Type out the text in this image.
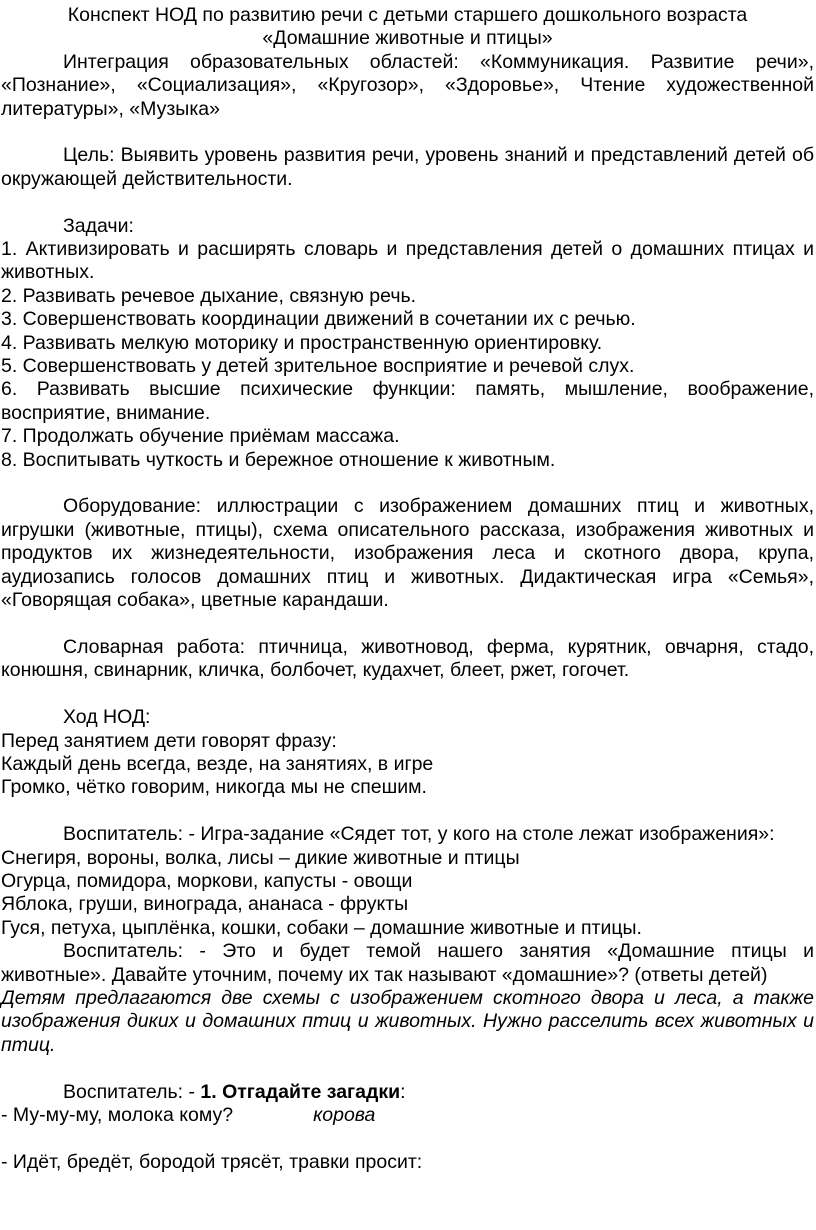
Конспект НОД по развитию речи с детьми старшего дошкольного возраста

«Домашние животные и птицы»

Интеграция образовательных областей: «Коммуникация. Развитие речи», «Познание», «Социализация», «Кругозор», «Здоровье», Чтение художественной литературы», «Музыка»

Цель: Выявить уровень развития речи, уровень знаний и представлений детей об окружающей действительности.

Задачи:

1. Активизировать и расширять словарь и представления детей о домашних птицах и животных.

2. Развивать речевое дыхание, связную речь.

3. Совершенствовать координации движений в сочетании их с речью.

4. Развивать мелкую моторику и пространственную ориентировку.

5. Совершенствовать у детей зрительное восприятие и речевой слух.

6. Развивать высшие психические функции: память, мышление, воображение, восприятие, внимание.

7. Продолжать обучение приёмам массажа.

8. Воспитывать чуткость и бережное отношение к животным.

Оборудование: иллюстрации с изображением домашних птиц и животных, игрушки (животные, птицы), схема описательного рассказа, изображения животных и продуктов их жизнедеятельности, изображения леса и скотного двора, крупа, аудиозапись голосов домашних птиц и животных. Дидактическая игра «Семья», «Говорящая собака», цветные карандаши.

Словарная работа: птичница, животновод, ферма, курятник, овчарня, стадо, конюшня, свинарник, кличка, болбочет, кудахчет, блеет, ржет, гогочет.

Ход НОД:

Перед занятием дети говорят фразу:

Каждый день всегда, везде, на занятиях, в игре

Громко, чётко говорим, никогда мы не спешим.

Воспитатель: - Игра-задание «Сядет тот, у кого на столе лежат изображения»:

Снегиря, вороны, волка, лисы – дикие животные и птицы

Огурца, помидора, моркови, капусты - овощи

Яблока, груши, винограда, ананаса - фрукты

Гуся, петуха, цыплёнка, кошки, собаки – домашние животные и птицы.

Воспитатель: - Это и будет темой нашего занятия «Домашние птицы и животные». Давайте уточним, почему их так называют «домашние»? (ответы детей)

Детям предлагаются две схемы с изображением скотного двора и леса, а также изображения диких и домашних птиц и животных. Нужно расселить всех животных и птиц.

Воспитатель: - 1. Отгадайте загадки:

- Му-му-му, молока кому?	корова

- Идёт, бредёт, бородой трясёт, травки просит:
